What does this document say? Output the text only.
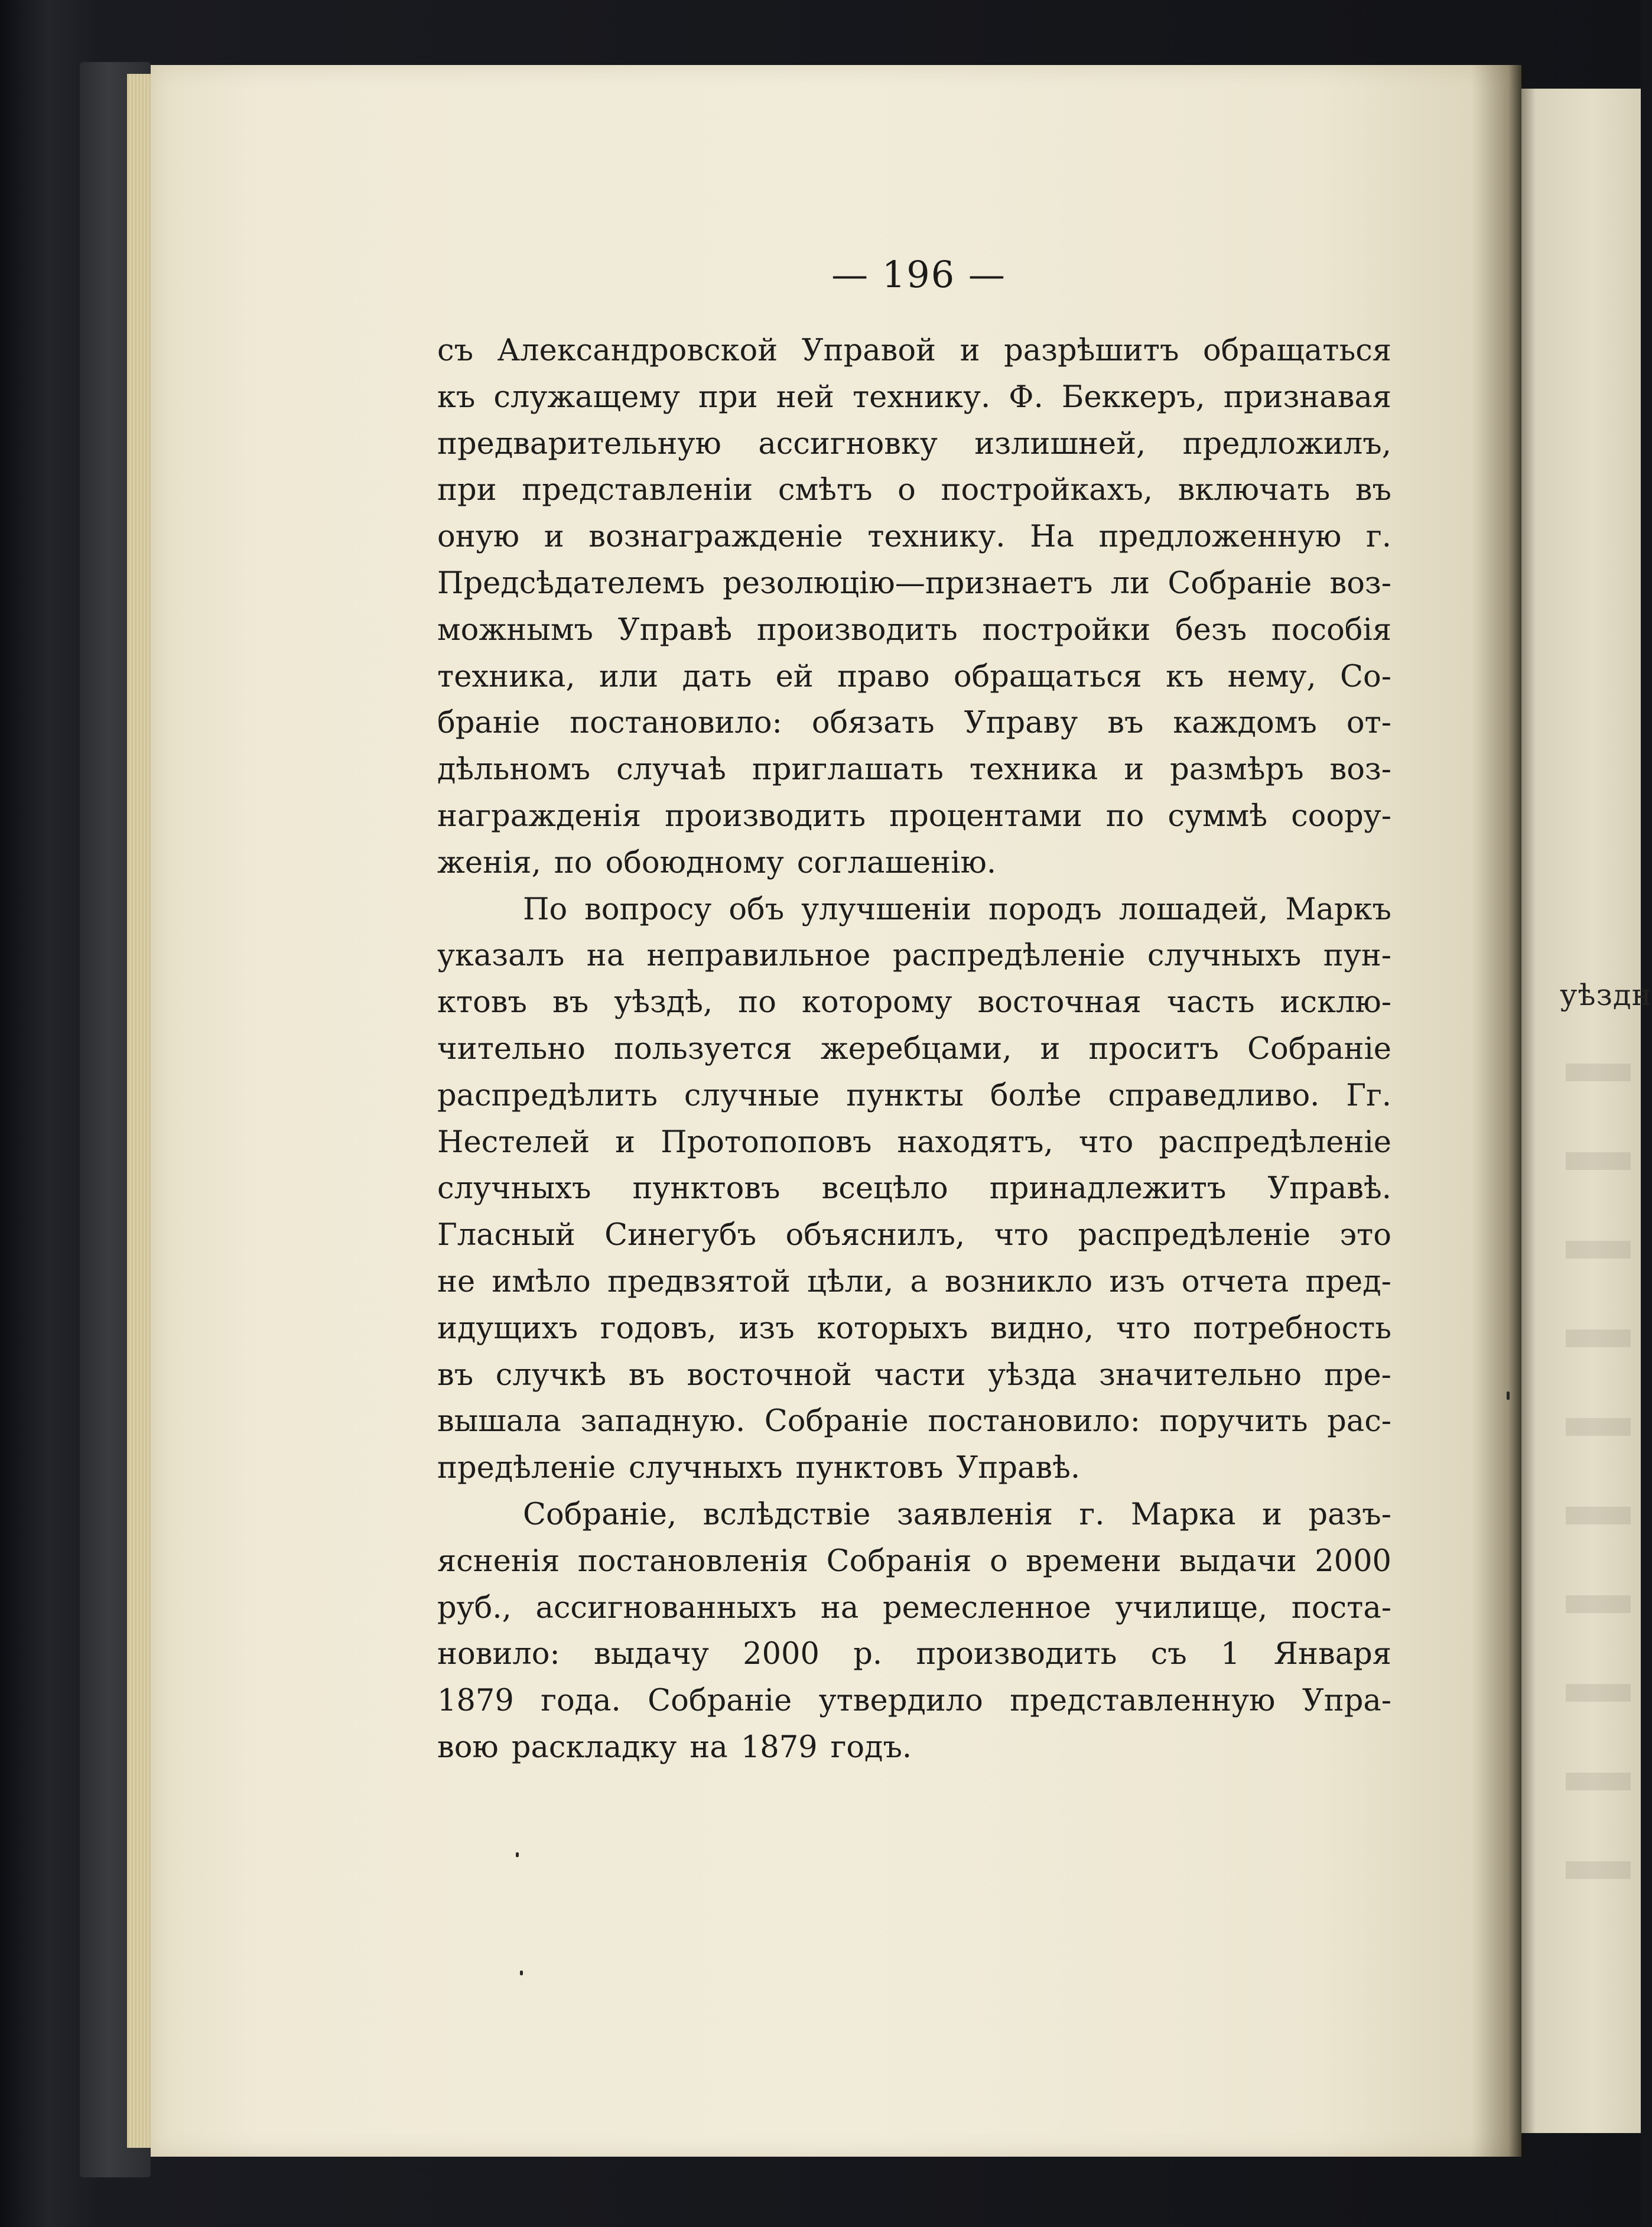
уѣздн
— 196 —
съ Александровской Управой и разрѣшитъ обращаться
къ служащему при ней технику. Ф. Беккеръ, признавая
предварительную ассигновку излишней, предложилъ,
при представленіи смѣтъ о постройкахъ, включать въ
оную и вознагражденіе технику. На предложенную г.
Предсѣдателемъ резолюцію—признаетъ ли Собраніе воз-
можнымъ Управѣ производить постройки безъ пособія
техника, или дать ей право обращаться къ нему, Со-
браніе постановило: обязать Управу въ каждомъ от-
дѣльномъ случаѣ приглашать техника и размѣръ воз-
награжденія производить процентами по суммѣ соору-
женія, по обоюдному соглашенію.
По вопросу объ улучшеніи породъ лошадей, Маркъ
указалъ на неправильное распредѣленіе случныхъ пун-
ктовъ въ уѣздѣ, по которому восточная часть исклю-
чительно пользуется жеребцами, и проситъ Собраніе
распредѣлить случные пункты болѣе справедливо. Гг.
Нестелей и Протопоповъ находятъ, что распредѣленіе
случныхъ пунктовъ всецѣло принадлежитъ Управѣ.
Гласный Синегубъ объяснилъ, что распредѣленіе это
не имѣло предвзятой цѣли, а возникло изъ отчета пред-
идущихъ годовъ, изъ которыхъ видно, что потребность
въ случкѣ въ восточной части уѣзда значительно пре-
вышала западную. Собраніе постановило: поручить рас-
предѣленіе случныхъ пунктовъ Управѣ.
Собраніе, вслѣдствіе заявленія г. Марка и разъ-
ясненія постановленія Собранія о времени выдачи 2000
руб., ассигнованныхъ на ремесленное училище, поста-
новило: выдачу 2000 р. производить съ 1 Января
1879 года. Собраніе утвердило представленную Упра-
вою раскладку на 1879 годъ.
